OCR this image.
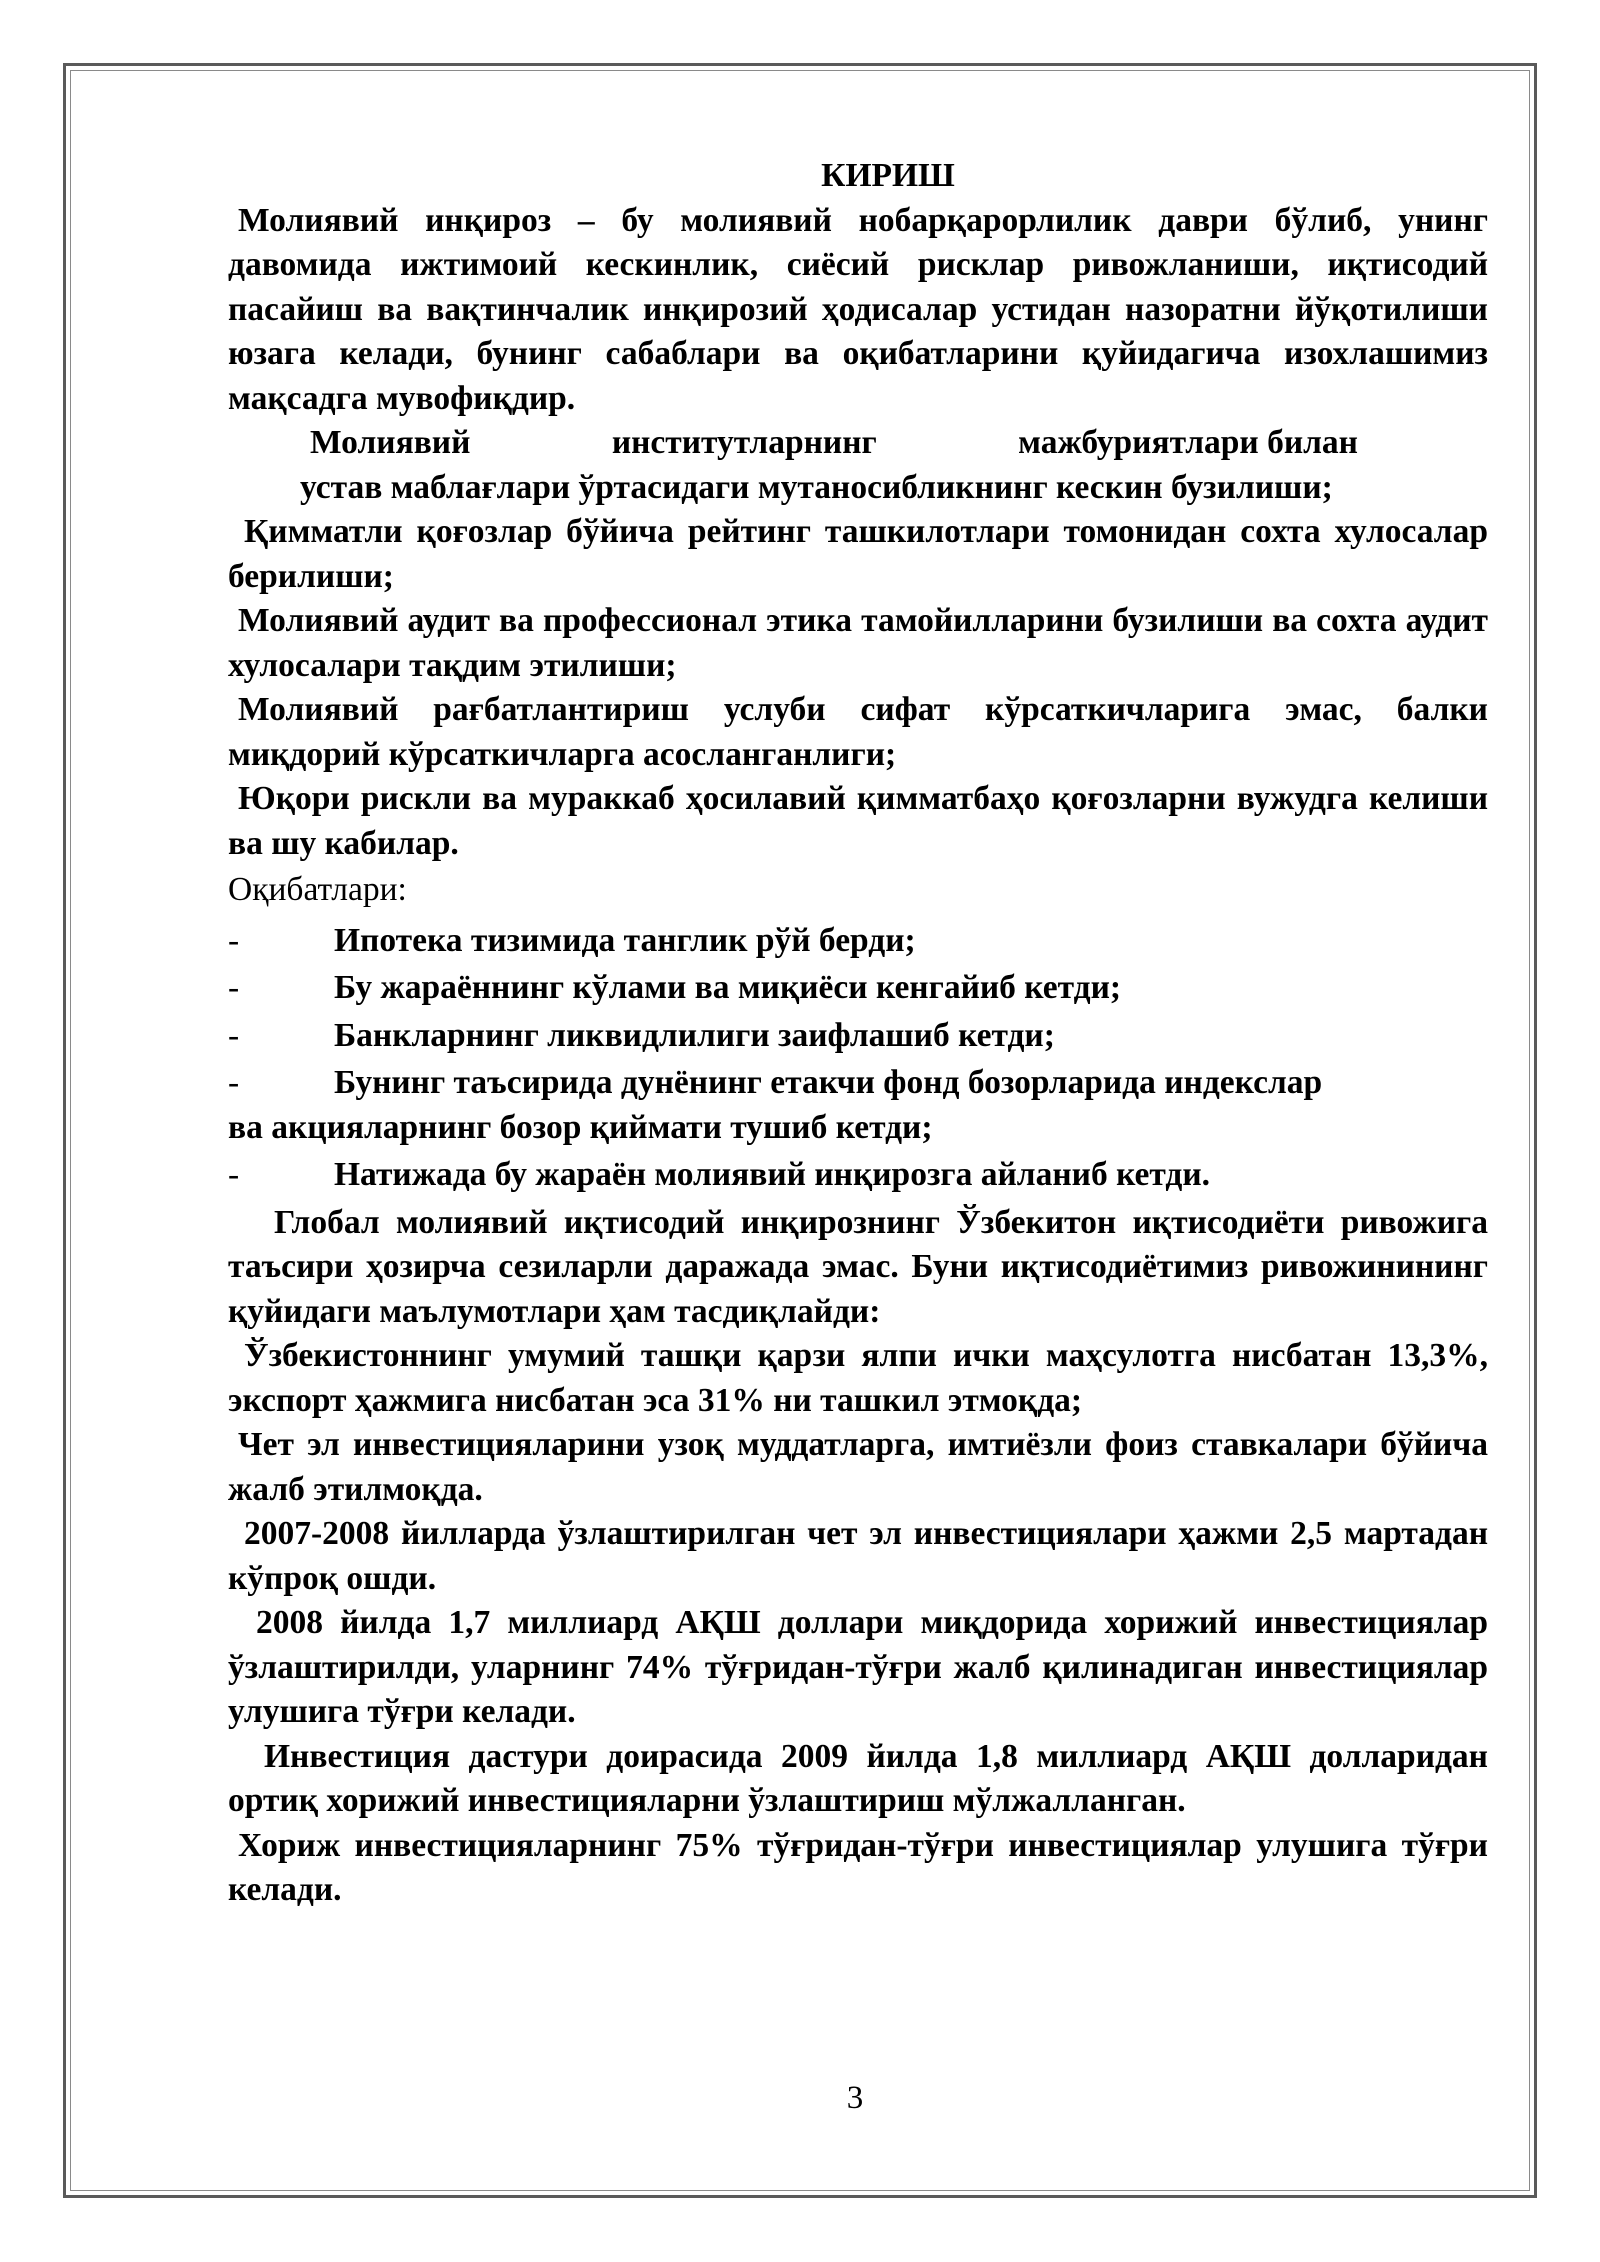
КИРИШ

Молиявий инқироз – бу молиявий нобарқарорлилик даври бўлиб, унинг давомида ижтимоий кескинлик, сиёсий рисклар ривожланиши, иқтисодий пасайиш ва вақтинчалик инқирозий ҳодисалар устидан назоратни йўқотилиши юзага келади, бунинг сабаблари ва оқибатларини қуйидагича изохлашимиз мақсадга мувофиқдир.

Молиявий	институтларнинг	мажбуриятлари билан
устав маблағлари ўртасидаги мутаносибликнинг кескин бузилиши;

Қимматли қоғозлар бўйича рейтинг ташкилотлари томонидан сохта хулосалар берилиши;

Молиявий аудит ва профессионал этика тамойилларини бузилиши ва сохта аудит хулосалари тақдим этилиши;

Молиявий рағбатлантириш услуби сифат кўрсаткичларига эмас, балки миқдорий кўрсаткичларга асосланганлиги;

Юқори рискли ва мураккаб ҳосилавий қимматбаҳо қоғозларни вужудга келиши ва шу кабилар.

Оқибатлари:

-	Ипотека тизимида танглик рўй берди;
-	Бу жараённинг кўлами ва миқиёси кенгайиб кетди;
-	Банкларнинг ликвидлилиги заифлашиб кетди;
-	Бунинг таъсирида дунёнинг етакчи фонд бозорларида индекслар
ва акцияларнинг бозор қиймати тушиб кетди;
-	Натижада бу жараён молиявий инқирозга айланиб кетди.

Глобал молиявий иқтисодий инқирознинг Ўзбекитон иқтисодиёти ривожига таъсири ҳозирча сезиларли даражада эмас. Буни иқтисодиётимиз ривожинининг қуйидаги маълумотлари ҳам тасдиқлайди:

Ўзбекистоннинг умумий ташқи қарзи ялпи ички маҳсулотга нисбатан 13,3%, экспорт ҳажмига нисбатан эса 31% ни ташкил этмоқда;

Чет эл инвестицияларини узоқ муддатларга, имтиёзли фоиз ставкалари бўйича жалб этилмоқда.

2007-2008 йилларда ўзлаштирилган чет эл инвестициялари ҳажми 2,5 мартадан кўпроқ ошди.

2008 йилда 1,7 миллиард АҚШ доллари миқдорида хорижий инвестициялар ўзлаштирилди, уларнинг 74% тўғридан-тўғри жалб қилинадиган инвестициялар улушига тўғри келади.

Инвестиция дастури доирасида 2009 йилда 1,8 миллиард АҚШ долларидан ортиқ хорижий инвестицияларни ўзлаштириш мўлжалланган.

Хориж инвестицияларнинг 75% тўғридан-тўғри инвестициялар улушига тўғри келади.

3
